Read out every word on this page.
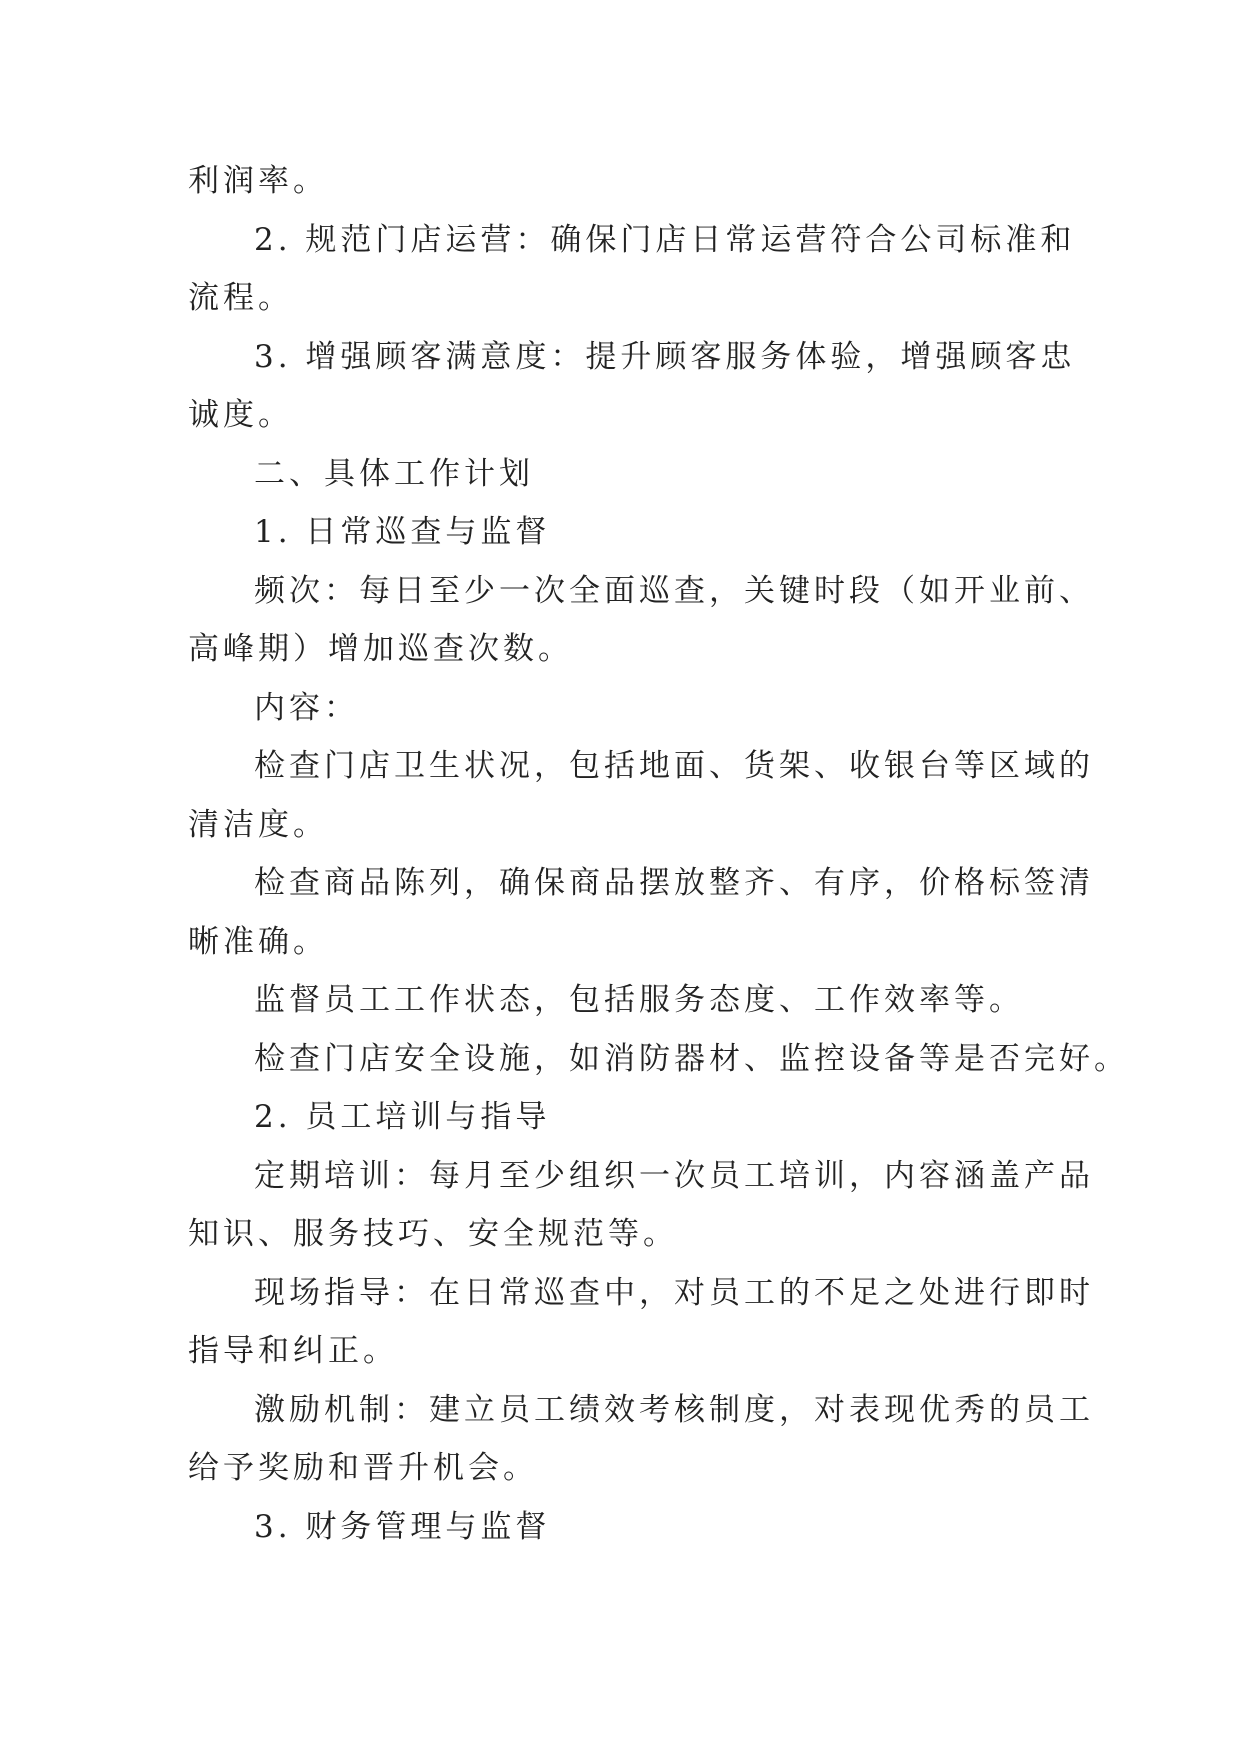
利润率。
2. 规范门店运营：确保门店日常运营符合公司标准和
流程。
3. 增强顾客满意度：提升顾客服务体验，增强顾客忠
诚度。
二、具体工作计划
1. 日常巡查与监督
频次：每日至少一次全面巡查，关键时段（如开业前、
高峰期）增加巡查次数。
内容：
检查门店卫生状况，包括地面、货架、收银台等区域的
清洁度。
检查商品陈列，确保商品摆放整齐、有序，价格标签清
晰准确。
监督员工工作状态，包括服务态度、工作效率等。
检查门店安全设施，如消防器材、监控设备等是否完好。
2. 员工培训与指导
定期培训：每月至少组织一次员工培训，内容涵盖产品
知识、服务技巧、安全规范等。
现场指导：在日常巡查中，对员工的不足之处进行即时
指导和纠正。
激励机制：建立员工绩效考核制度，对表现优秀的员工
给予奖励和晋升机会。
3. 财务管理与监督
